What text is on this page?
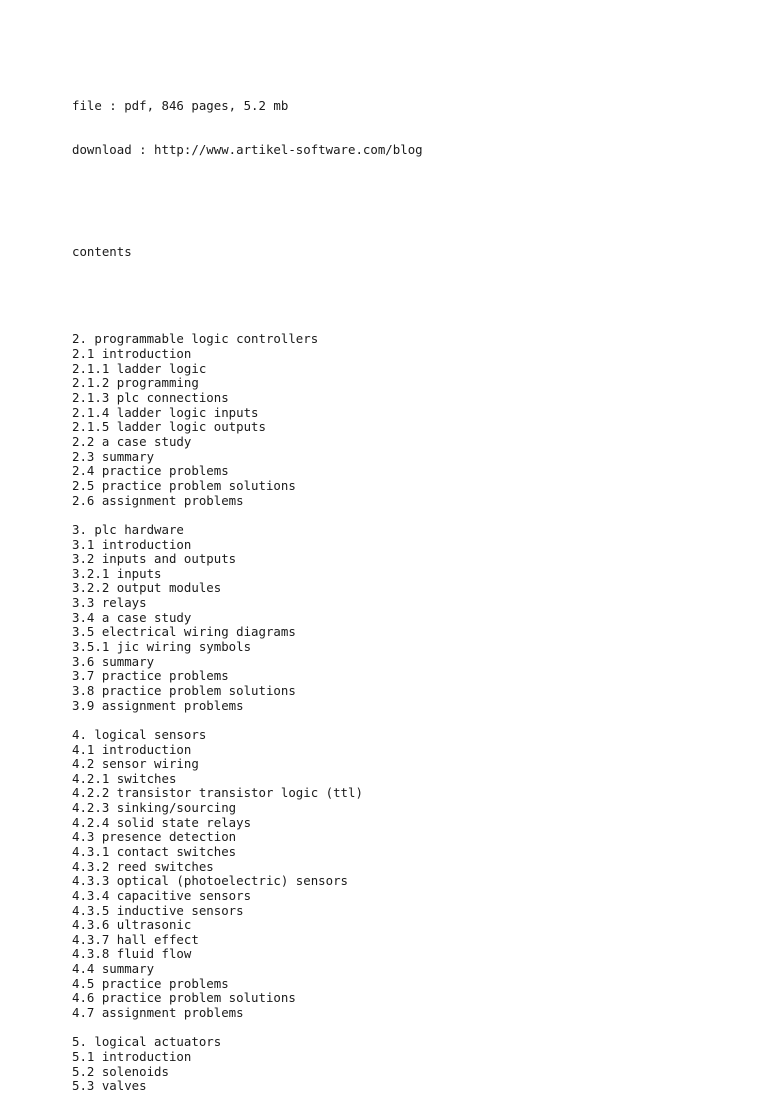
file : pdf, 846 pages, 5.2 mb

download : http://www.artikel-software.com/blog

contents

2. programmable logic controllers
2.1 introduction
2.1.1 ladder logic
2.1.2 programming
2.1.3 plc connections
2.1.4 ladder logic inputs
2.1.5 ladder logic outputs
2.2 a case study
2.3 summary
2.4 practice problems
2.5 practice problem solutions
2.6 assignment problems
3. plc hardware
3.1 introduction
3.2 inputs and outputs
3.2.1 inputs
3.2.2 output modules
3.3 relays
3.4 a case study
3.5 electrical wiring diagrams
3.5.1 jic wiring symbols
3.6 summary
3.7 practice problems
3.8 practice problem solutions
3.9 assignment problems
4. logical sensors
4.1 introduction
4.2 sensor wiring
4.2.1 switches
4.2.2 transistor transistor logic (ttl)
4.2.3 sinking/sourcing
4.2.4 solid state relays
4.3 presence detection
4.3.1 contact switches
4.3.2 reed switches
4.3.3 optical (photoelectric) sensors
4.3.4 capacitive sensors
4.3.5 inductive sensors
4.3.6 ultrasonic
4.3.7 hall effect
4.3.8 fluid flow
4.4 summary
4.5 practice problems
4.6 practice problem solutions
4.7 assignment problems
5. logical actuators
5.1 introduction
5.2 solenoids
5.3 valves
